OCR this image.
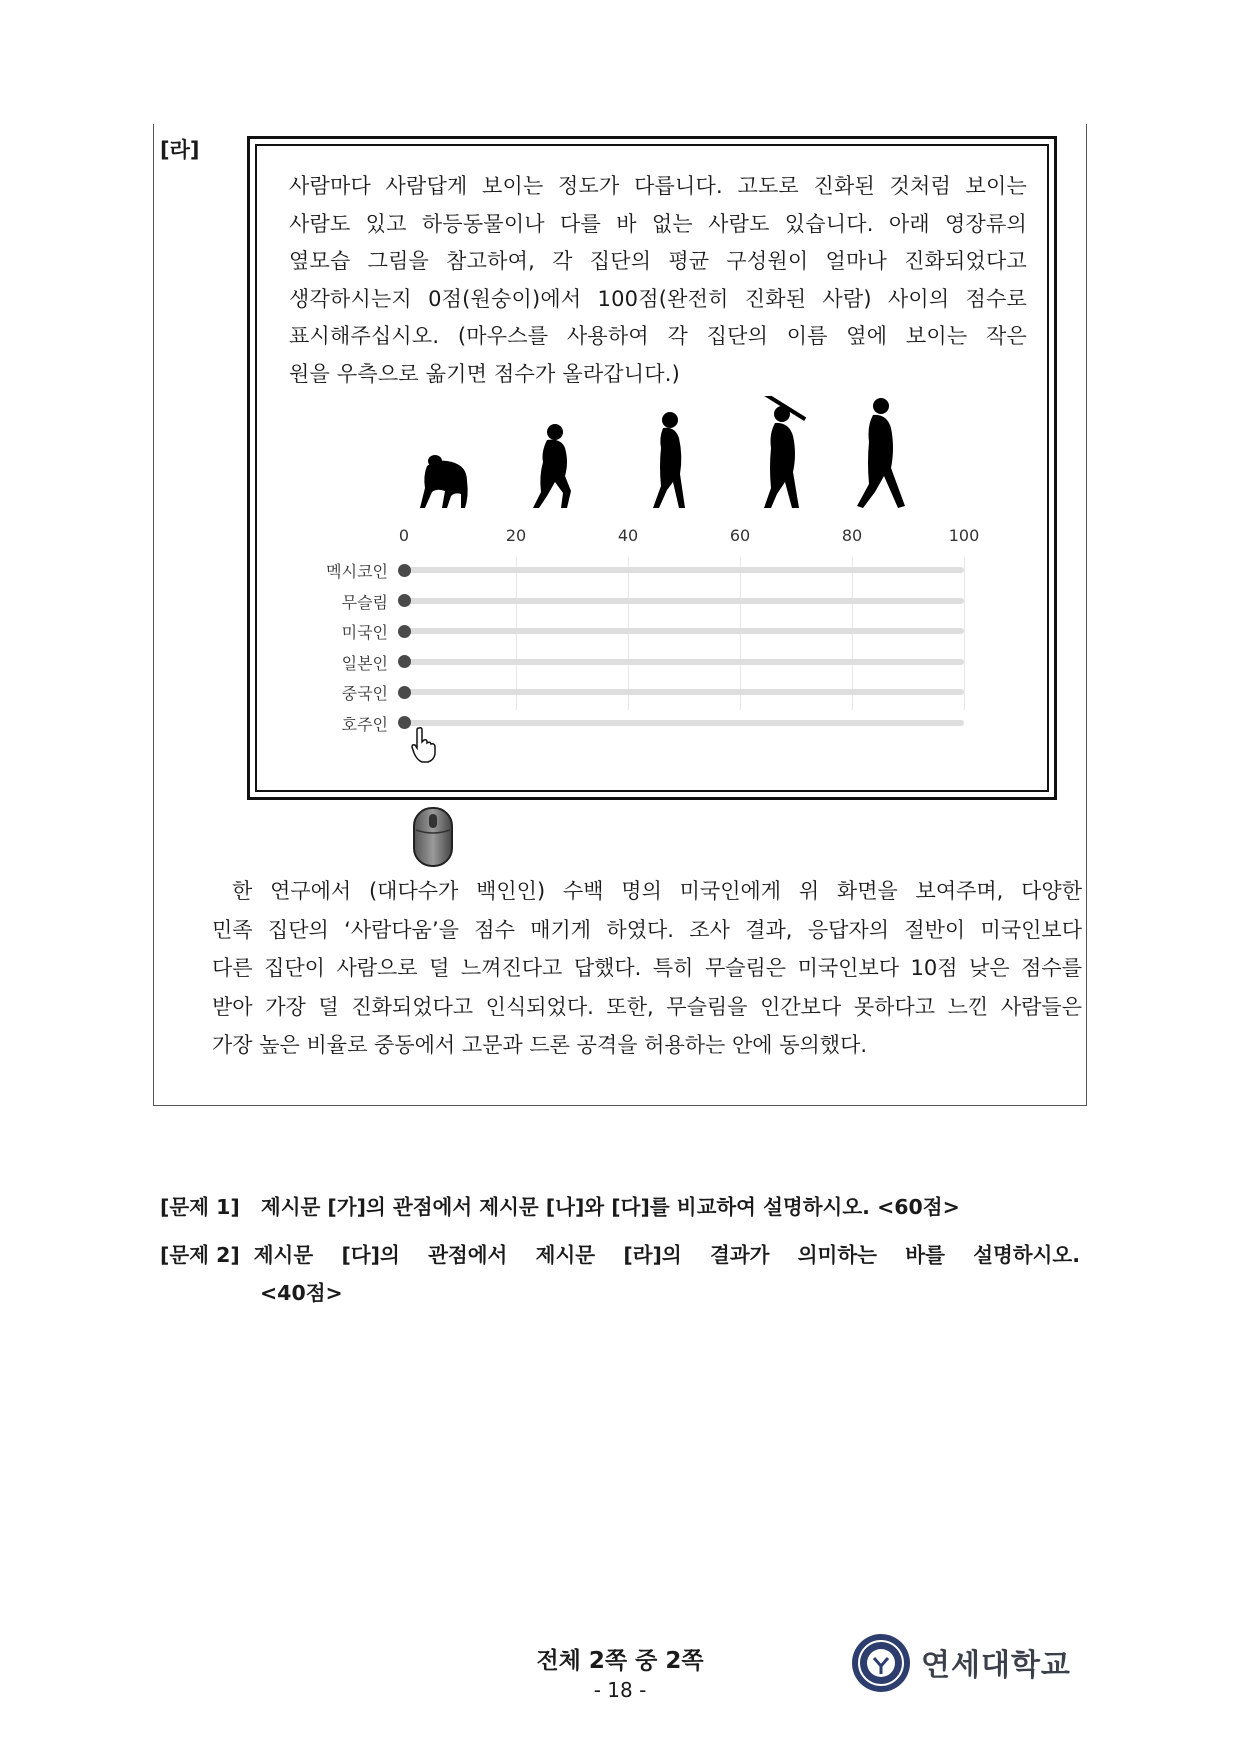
[라]
사람마다 사람답게 보이는 정도가 다릅니다. 고도로 진화된 것처럼 보이는
사람도 있고 하등동물이나 다를 바 없는 사람도 있습니다. 아래 영장류의
옆모습 그림을 참고하여, 각 집단의 평균 구성원이 얼마나 진화되었다고
생각하시는지 0점(원숭이)에서 100점(완전히 진화된 사람) 사이의 점수로
표시해주십시오. (마우스를 사용하여 각 집단의 이름 옆에 보이는 작은
원을 우측으로 옮기면 점수가 올라갑니다.)
0	20	40	60	80	100
멕시코인
무슬림
미국인
일본인
중국인
호주인
한 연구에서 (대다수가 백인인) 수백 명의 미국인에게 위 화면을 보여주며, 다양한
민족 집단의 ‘사람다움’을 점수 매기게 하였다. 조사 결과, 응답자의 절반이 미국인보다
다른 집단이 사람으로 덜 느껴진다고 답했다. 특히 무슬림은 미국인보다 10점 낮은 점수를
받아 가장 덜 진화되었다고 인식되었다. 또한, 무슬림을 인간보다 못하다고 느낀 사람들은
가장 높은 비율로 중동에서 고문과 드론 공격을 허용하는 안에 동의했다.
[문제 1] 제시문 [가]의 관점에서 제시문 [나]와 [다]를 비교하여 설명하시오. <60점>
[문제 2] 제시문 [다]의 관점에서 제시문 [라]의 결과가 의미하는 바를 설명하시오.
<40점>
전체 2쪽 중 2쪽
- 18 -
연세대학교
